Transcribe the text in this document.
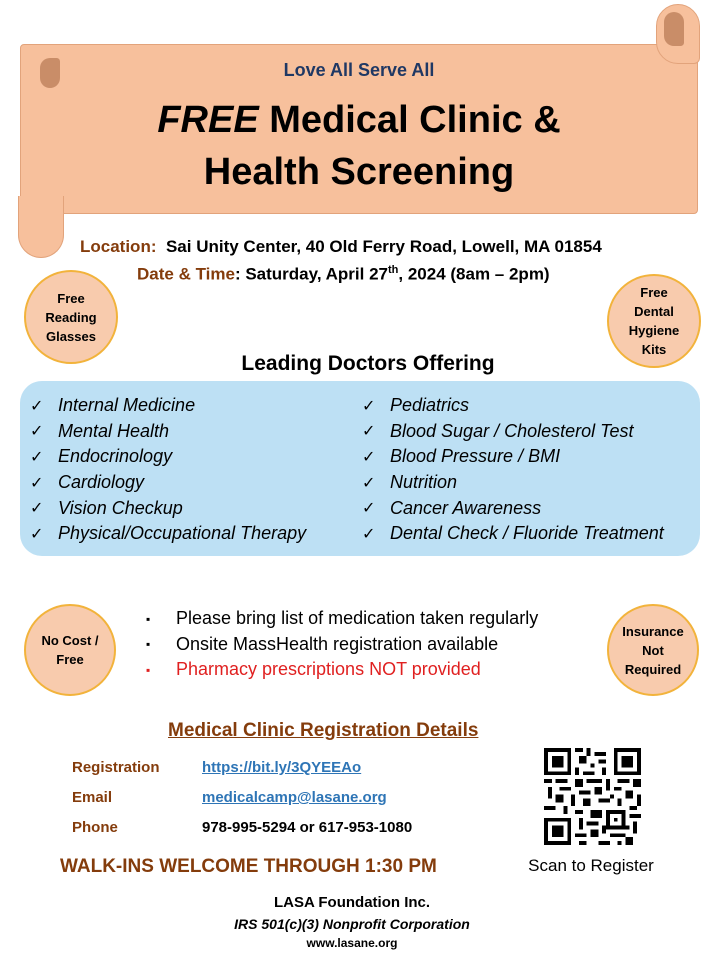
Love All Serve All
FREE Medical Clinic &
Health Screening
Location:  Sai Unity Center, 40 Old Ferry Road, Lowell, MA 01854
Date & Time: Saturday, April 27th, 2024 (8am – 2pm)
Free
Reading
Glasses
Free
Dental
Hygiene
Kits
No Cost /
Free
Insurance
Not
Required
Leading Doctors Offering
✓ Internal Medicine
✓ Mental Health
✓ Endocrinology
✓ Cardiology
✓ Vision Checkup
✓ Physical/Occupational Therapy
✓ Pediatrics
✓ Blood Sugar / Cholesterol Test
✓ Blood Pressure / BMI
✓ Nutrition
✓ Cancer Awareness
✓ Dental Check / Fluoride Treatment
▪	Please bring list of medication taken regularly
▪	Onsite MassHealth registration available
▪	Pharmacy prescriptions NOT provided
Medical Clinic Registration Details
Registration	https://bit.ly/3QYEEAo
Email	medicalcamp@lasane.org
Phone	978-995-5294 or 617-953-1080
WALK-INS WELCOME THROUGH 1:30 PM	Scan to Register
LASA Foundation Inc.
IRS 501(c)(3) Nonprofit Corporation
www.lasane.org
